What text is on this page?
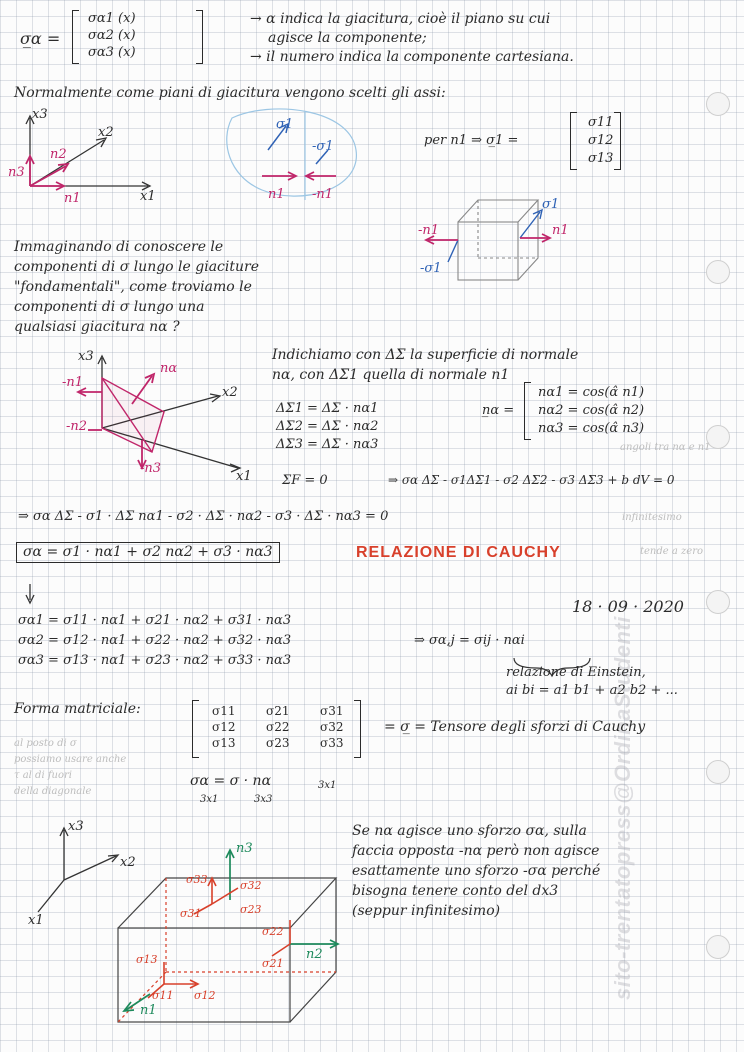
sito-trentatopress@OrdinaStudenti
σ̲α =
σα1 (x)
σα2 (x)
σα3 (x)
→ α indica la giacitura, cioè il piano su cui
agisce la componente;
→ il numero indica la componente cartesiana.
Normalmente come piani di giacitura vengono scelti gli assi:
n2
x3
x2
x1
n3
n1
σ1
-σ1
n1 -n1
per n1 ⇒ σ̲1 =
σ11
σ12
σ13
σ1
n1
-n1
-σ1
Immaginando di conoscere le
componenti di σ lungo le giaciture
"fondamentali", come troviamo le
componenti di σ lungo una
qualsiasi giacitura nα ?
x3
x2
x1
-n1
-n2
-n3
nα
Indichiamo con ΔΣ la superficie di normale
nα, con ΔΣ1 quella di normale n1
ΔΣ1 = ΔΣ · nα1
ΔΣ2 = ΔΣ · nα2
ΔΣ3 = ΔΣ · nα3
n̲α =
nα1 = cos(α̂ n1)
nα2 = cos(α̂ n2)
nα3 = cos(α̂ n3)
angoli tra nα e n1
ΣF = 0	⇒ σα ΔΣ - σ1ΔΣ1 - σ2 ΔΣ2 - σ3 ΔΣ3 + b dV = 0
infinitesimo
tende a zero
⇒ σα ΔΣ - σ1 · ΔΣ nα1 - σ2 · ΔΣ · nα2 - σ3 · ΔΣ · nα3 = 0
σα = σ1 · nα1 + σ2 nα2 + σ3 · nα3	RELAZIONE DI CAUCHY
18 · 09 · 2020
σα1 = σ11 · nα1 + σ21 · nα2 + σ31 · nα3
σα2 = σ12 · nα1 + σ22 · nα2 + σ32 · nα3
σα3 = σ13 · nα1 + σ23 · nα2 + σ33 · nα3
⇒ σα,j = σij · nαi
relazione di Einstein,
ai bi = a1 b1 + a2 b2 + ...
Forma matriciale:	σ11	σ21	σ31
σ12	σ22	σ32
σ13	σ23	σ33
= σ̲ = Tensore degli sforzi di Cauchy
al posto di σ
possiamo usare anche
τ al di fuori
della diagonale
σα = σ · nα
3x1	3x3
3x1
Se nα agisce uno sforzo σα, sulla
faccia opposta -nα però non agisce
esattamente uno sforzo -σα perché
bisogna tenere conto del dx3
(seppur infinitesimo)
x3
x2
x1
n3
n2
n1
σ33	σ32
σ31
σ22
σ21
σ23
σ12
σ11
σ13
